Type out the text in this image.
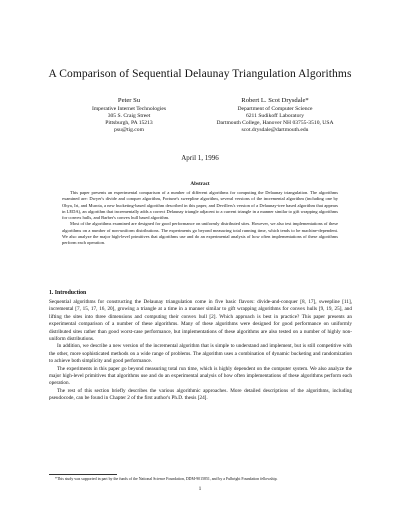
A Comparison of Sequential Delaunay Triangulation Algorithms
Peter Su
Imperative Internet Technologies
305 S. Craig Street
Pittsburgh, PA 15213
psu@tig.com
Robert L. Scot Drysdale*
Department of Computer Science
6211 Sudikoff Laboratory
Dartmouth College, Hanover NH 03755-3510, USA
scot.drysdale@dartmouth.edu
April 1, 1996
Abstract

This paper presents an experimental comparison of a number of different algorithms for computing the Delaunay triangulation. The algorithms examined are: Dwyer's divide and conquer algorithm, Fortune's sweepline algorithm, several versions of the incremental algorithm (including one by Ohya, Iri, and Murota, a new bucketing-based algorithm described in this paper, and Devillers's version of a Delaunay-tree based algorithm that appears in LEDA), an algorithm that incrementally adds a correct Delaunay triangle adjacent to a current triangle in a manner similar to gift wrapping algorithms for convex hulls, and Barber's convex hull based algorithm.

Most of the algorithms examined are designed for good performance on uniformly distributed sites. However, we also test implementations of these algorithms on a number of non-uniform distributions. The experiments go beyond measuring total running time, which tends to be machine-dependent. We also analyze the major high-level primitives that algorithms use and do an experimental analysis of how often implementations of these algorithms perform each operation.

1. Introduction

Sequential algorithms for constructing the Delaunay triangulation come in five basic flavors: divide-and-conquer [8, 17], sweepline [11], incremental [7, 15, 17, 16, 20], growing a triangle at a time in a manner similar to gift wrapping algorithms for convex hulls [9, 19, 25], and lifting the sites into three dimensions and computing their convex hull [2]. Which approach is best in practice? This paper presents an experimental comparison of a number of these algorithms. Many of these algorithms were designed for good performance on uniformly distributed sites rather than good worst-case performance, but implementations of these algorithms are also tested on a number of highly non-uniform distributions.

In addition, we describe a new version of the incremental algorithm that is simple to understand and implement, but is still competitive with the other, more sophisticated methods on a wide range of problems. The algorithm uses a combination of dynamic bucketing and randomization to achieve both simplicity and good performance.

The experiments in this paper go beyond measuring total run time, which is highly dependent on the computer system. We also analyze the major high-level primitives that algorithms use and do an experimental analysis of how often implementations of these algorithms perform each operation.

The rest of this section briefly describes the various algorithmic approaches. More detailed descriptions of the algorithms, including pseudocode, can be found in Chapter 2 of the first author's Ph.D. thesis [24].

*This study was supported in part by the funds of the National Science Foundation, DDM-9015851, and by a Fulbright Foundation fellowship.

1
